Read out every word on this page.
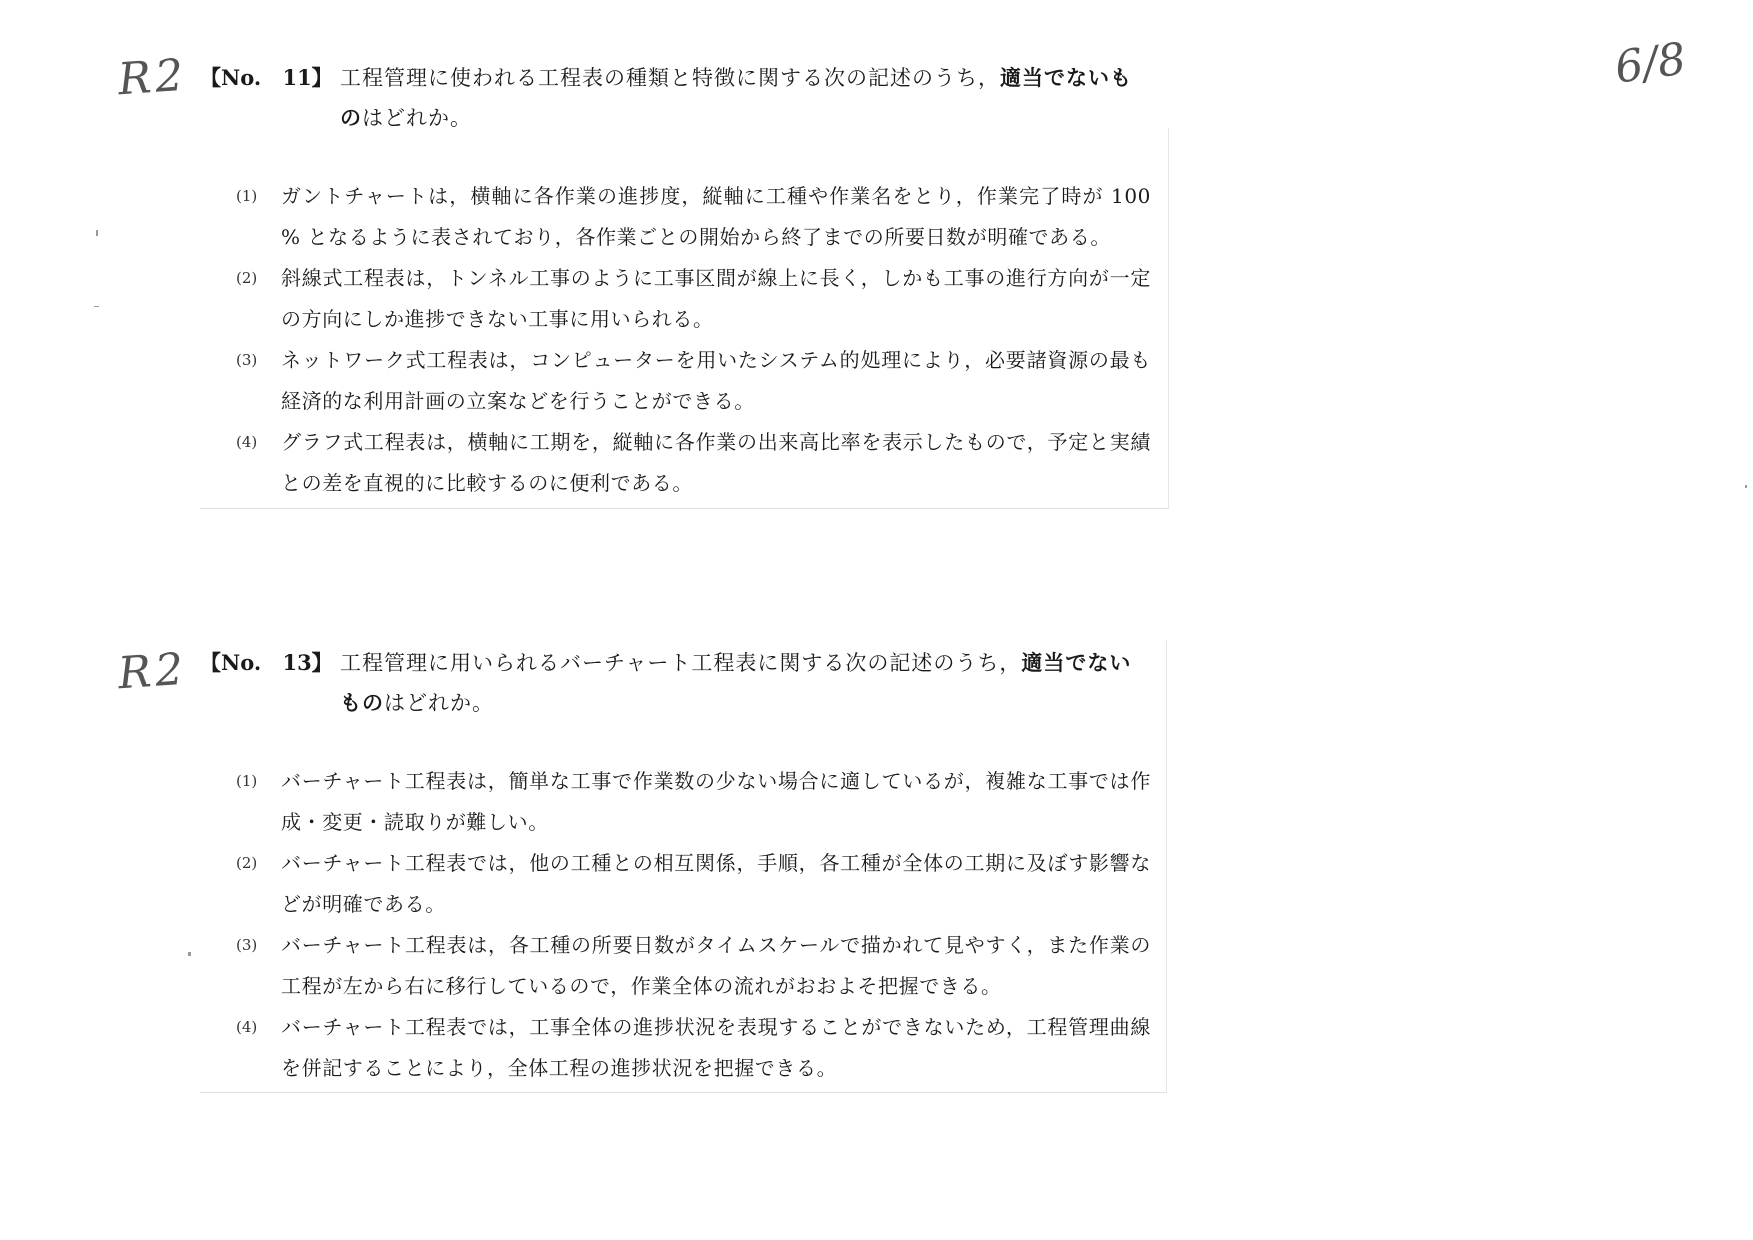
R2
R2
6/8
【No. 11】 工程管理に使われる工程表の種類と特徴に関する次の記述のうち，適当でないものはどれか。
(1) ガントチャートは，横軸に各作業の進捗度，縦軸に工種や作業名をとり，作業完了時が 100 % となるように表されており，各作業ごとの開始から終了までの所要日数が明確である。
(2) 斜線式工程表は，トンネル工事のように工事区間が線上に長く，しかも工事の進行方向が一定の方向にしか進捗できない工事に用いられる。
(3) ネットワーク式工程表は，コンピューターを用いたシステム的処理により，必要諸資源の最も経済的な利用計画の立案などを行うことができる。
(4) グラフ式工程表は，横軸に工期を，縦軸に各作業の出来高比率を表示したもので，予定と実績との差を直視的に比較するのに便利である。
【No. 13】 工程管理に用いられるバーチャート工程表に関する次の記述のうち，適当でないものはどれか。
(1) バーチャート工程表は，簡単な工事で作業数の少ない場合に適しているが，複雑な工事では作成・変更・読取りが難しい。
(2) バーチャート工程表では，他の工種との相互関係，手順，各工種が全体の工期に及ぼす影響などが明確である。
(3) バーチャート工程表は，各工種の所要日数がタイムスケールで描かれて見やすく，また作業の工程が左から右に移行しているので，作業全体の流れがおおよそ把握できる。
(4) バーチャート工程表では，工事全体の進捗状況を表現することができないため，工程管理曲線を併記することにより，全体工程の進捗状況を把握できる。
